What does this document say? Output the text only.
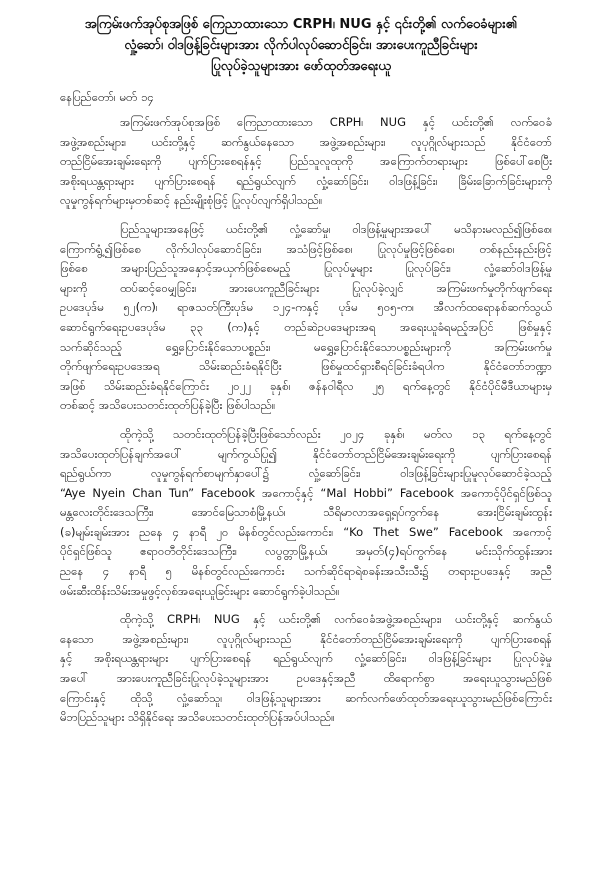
အကြမ်းဖက်အုပ်စုအဖြစ် ကြေညာထားသော CRPH၊ NUG နှင့် ၎င်းတို့၏ လက်ဝေခံများ၏
လှုံ့ဆော်၊ ဝါဒဖြန့်ခြင်းများအား လိုက်ပါလုပ်ဆောင်ခြင်း၊ အားပေးကူညီခြင်းများ
ပြုလုပ်ခဲ့သူများအား ဖော်ထုတ်အရေးယူ
နေပြည်တော်၊ မတ် ၁၄
အကြမ်းဖက်အုပ်စုအဖြစ် ကြေညာထားသော CRPH၊ NUG နှင့် ယင်းတို့၏ လက်ဝေခံ
အဖွဲ့အစည်းများ၊ ယင်းတို့နှင့် ဆက်နွယ်နေသော အဖွဲ့အစည်းများ၊ လူပုဂ္ဂိုလ်များသည် နိုင်ငံတော်
တည်ငြိမ်အေးချမ်းရေးကို ပျက်ပြားစေရန်နှင့် ပြည်သူလူထုကို အကြောက်တရားများ ဖြစ်ပေါ်စေပြီး
အစိုးရယန္တရားများ ပျက်ပြားစေရန် ရည်ရွယ်လျက် လှုံ့ဆော်ခြင်း၊ ဝါဒဖြန့်ခြင်း၊ ခြိမ်းခြောက်ခြင်းများကို
လူမှုကွန်ရက်များမှတစ်ဆင့် နည်းမျိုးစုံဖြင့် ပြုလုပ်လျက်ရှိပါသည်။
ပြည်သူများအနေဖြင့် ယင်းတို့၏ လှုံ့ဆော်မှု၊ ဝါဒဖြန့်မှုများအပေါ် မသိနားမလည်၍ဖြစ်စေ၊
ကြောက်ရွံ့၍ဖြစ်စေ လိုက်ပါလုပ်ဆောင်ခြင်း၊ အသံဖြင့်ဖြစ်စေ၊ ပြုလုပ်မှုဖြင့်ဖြစ်စေ၊ တစ်နည်းနည်းဖြင့်
ဖြစ်စေ အများပြည်သူအနှောင့်အယှက်ဖြစ်စေမည့် ပြုလုပ်မှုများ ပြုလုပ်ခြင်း၊ လှုံ့ဆော်ဝါဒဖြန့်မှု
များကို ထပ်ဆင့်ဝေမျှခြင်း၊ အားပေးကူညီခြင်းများ ပြုလုပ်ခဲ့လျှင် အကြမ်းဖက်မှုတိုက်ဖျက်ရေး
ဥပဒေပုဒ်မ ၅၂(က)၊ ရာဇသတ်ကြီးပုဒ်မ ၁၂၄-ကနှင့် ပုဒ်မ ၅၀၅-က၊ အီလက်ထရောနစ်ဆက်သွယ်
ဆောင်ရွက်ရေးဥပဒေပုဒ်မ ၃၃ (က)နှင့် တည်ဆဲဥပဒေများအရ အရေးယူခံရမည့်အပြင် ဖြစ်မှုနှင့်
သက်ဆိုင်သည့် ရွှေ့ပြောင်းနိုင်သောပစ္စည်း၊ မရွှေ့ပြောင်းနိုင်သောပစ္စည်းများကို အကြမ်းဖက်မှု
တိုက်ဖျက်ရေးဥပဒေအရ သိမ်းဆည်းခံရနိုင်ပြီး ဖြစ်မှုထင်ရှားစီရင်ခြင်းခံရပါက နိုင်ငံတော်ဘဏ္ဍာ
အဖြစ် သိမ်းဆည်းခံရနိုင်ကြောင်း ၂၀၂၂ ခုနှစ်၊ ဇန်နဝါရီလ ၂၅ ရက်နေ့တွင် နိုင်ငံပိုင်မီဒီယာများမှ
တစ်ဆင့် အသိပေးသတင်းထုတ်ပြန်ခဲ့ပြီး ဖြစ်ပါသည်။
ထိုကဲ့သို့ သတင်းထုတ်ပြန်ခဲ့ပြီးဖြစ်သော်လည်း ၂၀၂၄ ခုနှစ်၊ မတ်လ ၁၃ ရက်နေ့တွင်
အသိပေးထုတ်ပြန်ချက်အပေါ် မျက်ကွယ်ပြု၍ နိုင်ငံတော်တည်ငြိမ်အေးချမ်းရေးကို ပျက်ပြားစေရန်
ရည်ရွယ်ကာ လူမှုကွန်ရက်စာမျက်နှာပေါ်၌ လှုံ့ဆော်ခြင်း၊ ဝါဒဖြန့်ခြင်းများပြုမူလုပ်ဆောင်ခဲ့သည့်
“Aye Nyein Chan Tun” Facebook အကောင့်နှင့် “Mal Hobbi” Facebook အကောင့်ပိုင်ရှင်ဖြစ်သူ
မန္တလေးတိုင်းဒေသကြီး၊ အောင်မြေသာစံမြို့နယ်၊ သီရိမာလာအရှေ့ရပ်ကွက်နေ အေးငြိမ်းချမ်းထွန်း
(ခ)မျမ်းချမ်းအား ညနေ ၄ နာရီ ၂၀ မိနစ်တွင်လည်းကောင်း၊ “Ko Thet Swe” Facebook အကောင့်
ပိုင်ရှင်ဖြစ်သူ ဧရာဝတီတိုင်းဒေသကြီး၊ လပွတ္တာမြို့နယ်၊ အမှတ်(၄)ရပ်ကွက်နေ မင်းသိုက်ထွန်းအား
ညနေ ၄ နာရီ ၅ မိနစ်တွင်လည်းကောင်း သက်ဆိုင်ရာရဲစခန်းအသီးသီး၌ တရားဥပဒေနှင့် အညီ
ဖမ်းဆီးထိန်းသိမ်းအမှုဖွင့်လှစ်အရေးယူခြင်းများ ဆောင်ရွက်ခဲ့ပါသည်။
ထိုကဲ့သို့ CRPH၊ NUG နှင့် ယင်းတို့၏ လက်ဝေခံအဖွဲ့အစည်းများ၊ ယင်းတို့နှင့် ဆက်နွယ်
နေသော အဖွဲ့အစည်းများ၊ လူပုဂ္ဂိုလ်များသည် နိုင်ငံတော်တည်ငြိမ်အေးချမ်းရေးကို ပျက်ပြားစေရန်
နှင့် အစိုးရယန္တရားများ ပျက်ပြားစေရန် ရည်ရွယ်လျက် လှုံ့ဆော်ခြင်း၊ ဝါဒဖြန့်ခြင်းများ ပြုလုပ်ခဲ့မှု
အပေါ် အားပေးကူညီခြင်းပြုလုပ်ခဲ့သူများအား ဥပဒေနှင့်အညီ ထိရောက်စွာ အရေးယူသွားမည်ဖြစ်
ကြောင်းနှင့် ထိုသို့ လှုံ့ဆော်သူ၊ ဝါဒဖြန့်သူများအား ဆက်လက်ဖော်ထုတ်အရေးယူသွားမည်ဖြစ်ကြောင်း
မိဘပြည်သူများ သိရှိနိုင်ရေး အသိပေးသတင်းထုတ်ပြန်အပ်ပါသည်။
